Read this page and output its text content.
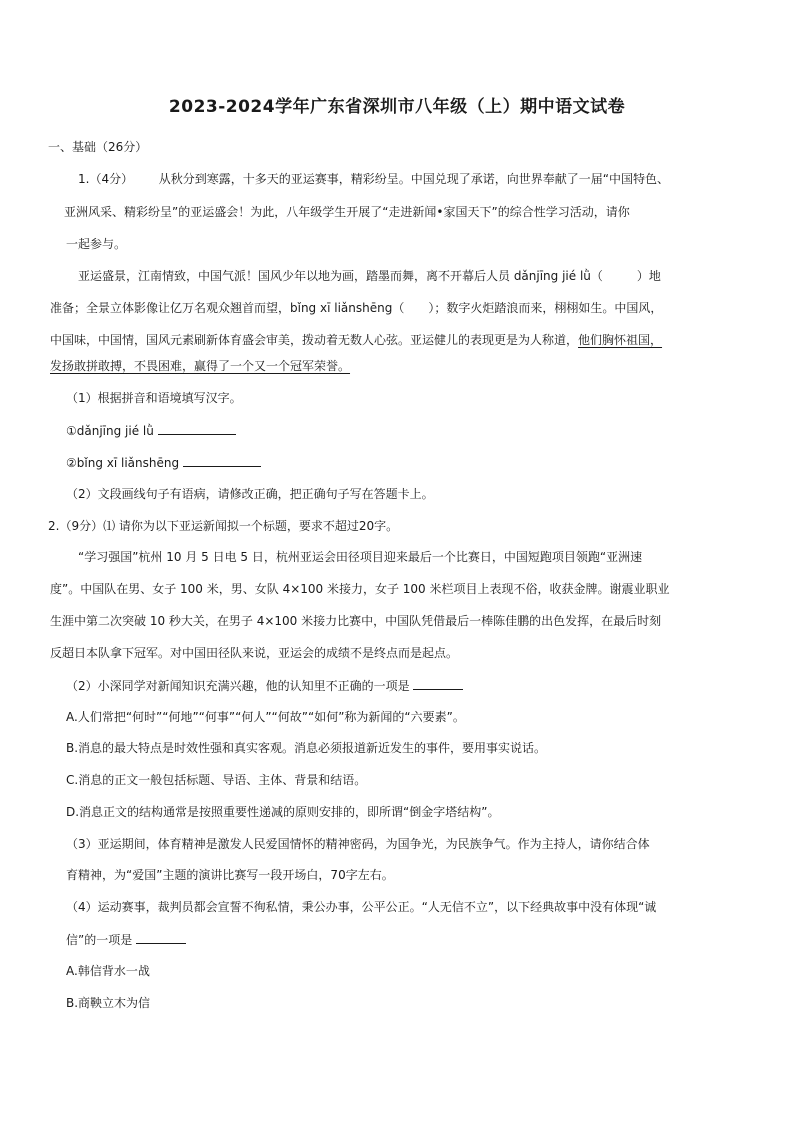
2023-2024学年广东省深圳市八年级（上）期中语文试卷
一、基础（26分）
1.（4分） 从秋分到寒露，十多天的亚运赛事，精彩纷呈。中国兑现了承诺，向世界奉献了一届“中国特色、
亚洲风采、精彩纷呈”的亚运盛会！为此，八年级学生开展了“走进新闻•家国天下”的综合性学习活动，请你
一起参与。
亚运盛景，江南情致，中国气派！国风少年以地为画，踏墨而舞，离不开幕后人员 dǎnjīng jié lǜ（	）地
准备；全景立体影像让亿万名观众翘首而望，bǐng xī liǎnshēng（ ）；数字火炬踏浪而来，栩栩如生。中国风，
中国味，中国情，国风元素刷新体育盛会审美，拨动着无数人心弦。亚运健儿的表现更是为人称道，他们胸怀祖国，
发扬敢拼敢搏，不畏困难，赢得了一个又一个冠军荣誉。
（1）根据拼音和语境填写汉字。
①dǎnjīng jié lǜ
②bǐng xī liǎnshēng
（2）文段画线句子有语病，请修改正确，把正确句子写在答题卡上。
2.（9分）⑴ 请你为以下亚运新闻拟一个标题，要求不超过20字。
“学习强国”杭州 10 月 5 日电 5 日，杭州亚运会田径项目迎来最后一个比赛日，中国短跑项目领跑“亚洲速
度”。中国队在男、女子 100 米，男、女队 4×100 米接力，女子 100 米栏项目上表现不俗，收获金牌。谢震业职业
生涯中第二次突破 10 秒大关，在男子 4×100 米接力比赛中，中国队凭借最后一棒陈佳鹏的出色发挥，在最后时刻
反超日本队拿下冠军。对中国田径队来说，亚运会的成绩不是终点而是起点。
（2）小深同学对新闻知识充满兴趣，他的认知里不正确的一项是
A.人们常把“何时”“何地”“何事”“何人”“何故”“如何”称为新闻的“六要素”。
B.消息的最大特点是时效性强和真实客观。消息必须报道新近发生的事件，要用事实说话。
C.消息的正文一般包括标题、导语、主体、背景和结语。
D.消息正文的结构通常是按照重要性递减的原则安排的，即所谓“倒金字塔结构”。
（3）亚运期间，体育精神是激发人民爱国情怀的精神密码，为国争光，为民族争气。作为主持人，请你结合体
育精神，为“爱国”主题的演讲比赛写一段开场白，70字左右。
（4）运动赛事，裁判员都会宣誓不徇私情，秉公办事，公平公正。“人无信不立”，以下经典故事中没有体现“诚
信”的一项是
A.韩信背水一战
B.商鞅立木为信
